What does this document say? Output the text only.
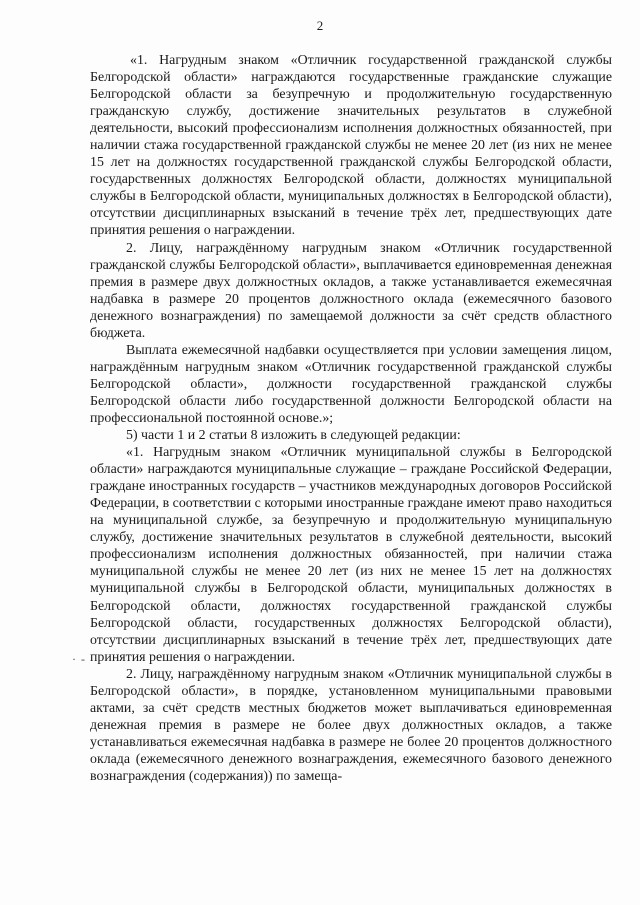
2
· -

«1. Нагрудным знаком «Отличник государственной гражданской службы Белгородской области» награждаются государственные гражданские служащие Белгородской области за безупречную и продолжительную государственную гражданскую службу, достижение значительных результатов в служебной деятельности, высокий профессионализм исполнения должностных обязанностей, при наличии стажа государственной гражданской службы не менее 20 лет (из них не менее 15 лет на должностях государственной гражданской службы Белгородской области, государственных должностях Белгородской области, должностях муниципальной службы в Белгородской области, муниципальных должностях в Белгородской области), отсутствии дисциплинарных взысканий в течение трёх лет, предшествующих дате принятия решения о награждении.

2. Лицу, награждённому нагрудным знаком «Отличник государственной гражданской службы Белгородской области», выплачивается единовременная денежная премия в размере двух должностных окладов, а также устанавливается ежемесячная надбавка в размере 20 процентов должностного оклада (ежемесячного базового денежного вознаграждения) по замещаемой должности за счёт средств областного бюджета.

Выплата ежемесячной надбавки осуществляется при условии замещения лицом, награждённым нагрудным знаком «Отличник государственной гражданской службы Белгородской области», должности государственной гражданской службы Белгородской области либо государственной должности Белгородской области на профессиональной постоянной основе.»;

5) части 1 и 2 статьи 8 изложить в следующей редакции:

«1. Нагрудным знаком «Отличник муниципальной службы в Белгородской области» награждаются муниципальные служащие – граждане Российской Федерации, граждане иностранных государств – участников международных договоров Российской Федерации, в соответствии с которыми иностранные граждане имеют право находиться на муниципальной службе, за безупречную и продолжительную муниципальную службу, достижение значительных результатов в служебной деятельности, высокий профессионализм исполнения должностных обязанностей, при наличии стажа муниципальной службы не менее 20 лет (из них не менее 15 лет на должностях муниципальной службы в Белгородской области, муниципальных должностях в Белгородской области, должностях государственной гражданской службы Белгородской области, государственных должностях Белгородской области), отсутствии дисциплинарных взысканий в течение трёх лет, предшествующих дате принятия решения о награждении.

2. Лицу, награждённому нагрудным знаком «Отличник муниципальной службы в Белгородской области», в порядке, установленном муниципальными правовыми актами, за счёт средств местных бюджетов может выплачиваться единовременная денежная премия в размере не более двух должностных окладов, а также устанавливаться ежемесячная надбавка в размере не более 20 процентов должностного оклада (ежемесячного денежного вознаграждения, ежемесячного базового денежного вознаграждения (содержания)) по замеща-
